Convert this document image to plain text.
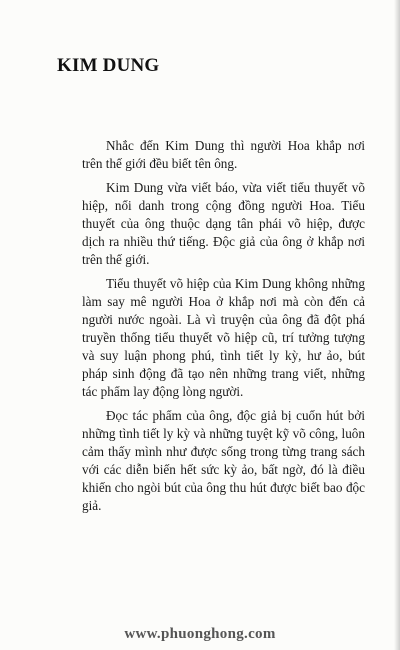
KIM DUNG

Nhắc đến Kim Dung thì người Hoa khắp nơi trên thế giới đều biết tên ông.

Kim Dung vừa viết báo, vừa viết tiểu thuyết võ hiệp, nổi danh trong cộng đồng người Hoa. Tiểu thuyết của ông thuộc dạng tân phái võ hiệp, được dịch ra nhiều thứ tiếng. Độc giả của ông ở khắp nơi trên thế giới.

Tiểu thuyết võ hiệp của Kim Dung không những làm say mê người Hoa ở khắp nơi mà còn đến cả người nước ngoài. Là vì truyện của ông đã đột phá truyền thống tiểu thuyết võ hiệp cũ, trí tưởng tượng và suy luận phong phú, tình tiết ly kỳ, hư ảo, bút pháp sinh động đã tạo nên những trang viết, những tác phẩm lay động lòng người.

Đọc tác phẩm của ông, độc giả bị cuốn hút bởi những tình tiết ly kỳ và những tuyệt kỹ võ công, luôn cảm thấy mình như được sống trong từng trang sách với các diễn biến hết sức kỳ ảo, bất ngờ, đó là điều khiến cho ngòi bút của ông thu hút được biết bao độc giả.

www.phuonghong.com
